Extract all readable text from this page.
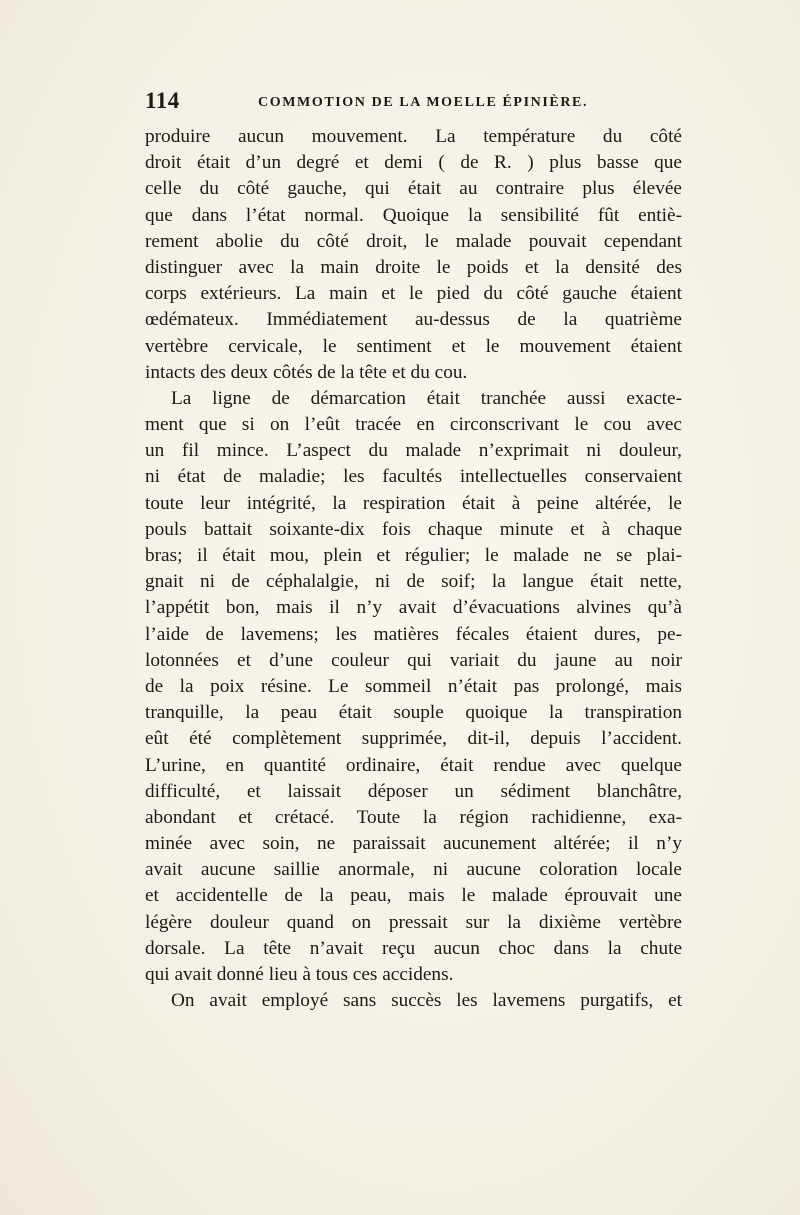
114	COMMOTION DE LA MOELLE ÉPINIÈRE.

produire aucun mouvement. La température du côté
droit était d’un degré et demi ( de R. ) plus basse que
celle du côté gauche, qui était au contraire plus élevée
que dans l’état normal. Quoique la sensibilité fût entiè-
rement abolie du côté droit, le malade pouvait cependant
distinguer avec la main droite le poids et la densité des
corps extérieurs. La main et le pied du côté gauche étaient
œdémateux. Immédiatement au-dessus de la quatrième
vertèbre cervicale, le sentiment et le mouvement étaient
intacts des deux côtés de la tête et du cou.

La ligne de démarcation était tranchée aussi exacte-
ment que si on l’eût tracée en circonscrivant le cou avec
un fil mince. L’aspect du malade n’exprimait ni douleur,
ni état de maladie; les facultés intellectuelles conservaient
toute leur intégrité, la respiration était à peine altérée, le
pouls battait soixante-dix fois chaque minute et à chaque
bras; il était mou, plein et régulier; le malade ne se plai-
gnait ni de céphalalgie, ni de soif; la langue était nette,
l’appétit bon, mais il n’y avait d’évacuations alvines qu’à
l’aide de lavemens; les matières fécales étaient dures, pe-
lotonnées et d’une couleur qui variait du jaune au noir
de la poix résine. Le sommeil n’était pas prolongé, mais
tranquille, la peau était souple quoique la transpiration
eût été complètement supprimée, dit-il, depuis l’accident.
L’urine, en quantité ordinaire, était rendue avec quelque
difficulté, et laissait déposer un sédiment blanchâtre,
abondant et crétacé. Toute la région rachidienne, exa-
minée avec soin, ne paraissait aucunement altérée; il n’y
avait aucune saillie anormale, ni aucune coloration locale
et accidentelle de la peau, mais le malade éprouvait une
légère douleur quand on pressait sur la dixième vertèbre
dorsale. La tête n’avait reçu aucun choc dans la chute
qui avait donné lieu à tous ces accidens.

On avait employé sans succès les lavemens purgatifs, et
